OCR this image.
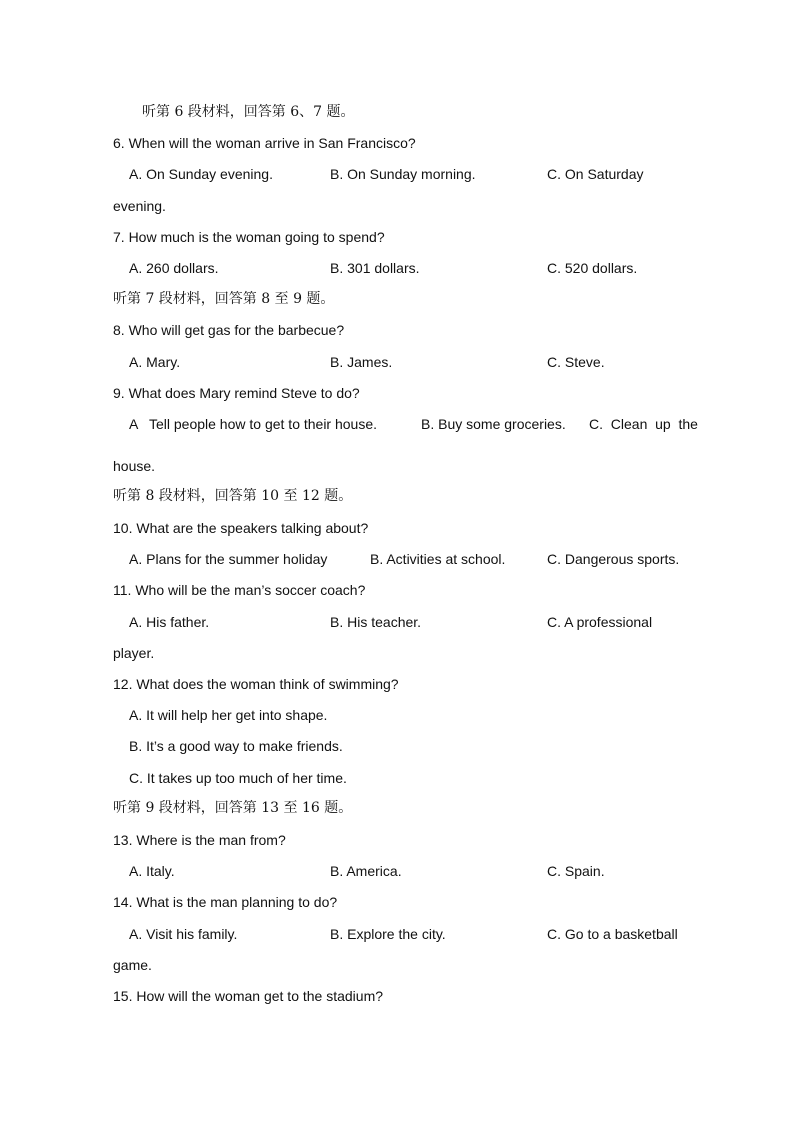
听第 6 段材料，回答第 6、7 题。
6. When will the woman arrive in San Francisco?
A. On Sunday evening.	B. On Sunday morning.	C. On Saturday
evening.
7. How much is the woman going to spend?
A. 260 dollars.	B. 301 dollars.	C. 520 dollars.
听第 7 段材料，回答第 8 至 9 题。
8. Who will get gas for the barbecue?
A. Mary.	B. James.	C. Steve.
9. What does Mary remind Steve to do?
A   Tell people how to get to their house.	B. Buy some groceries. C.  Clean  up  the
house.
听第 8 段材料，回答第 10 至 12 题。
10. What are the speakers talking about?
A. Plans for the summer holiday	B. Activities at school.	C. Dangerous sports.
11. Who will be the man’s soccer coach?
A. His father.	B. His teacher.	C. A professional
player.
12. What does the woman think of swimming?
A. It will help her get into shape.
B. It’s a good way to make friends.
C. It takes up too much of her time.
听第 9 段材料，回答第 13 至 16 题。
13. Where is the man from?
A. Italy.	B. America.	C. Spain.
14. What is the man planning to do?
A. Visit his family.	B. Explore the city.	C. Go to a basketball
game.
15. How will the woman get to the stadium?
